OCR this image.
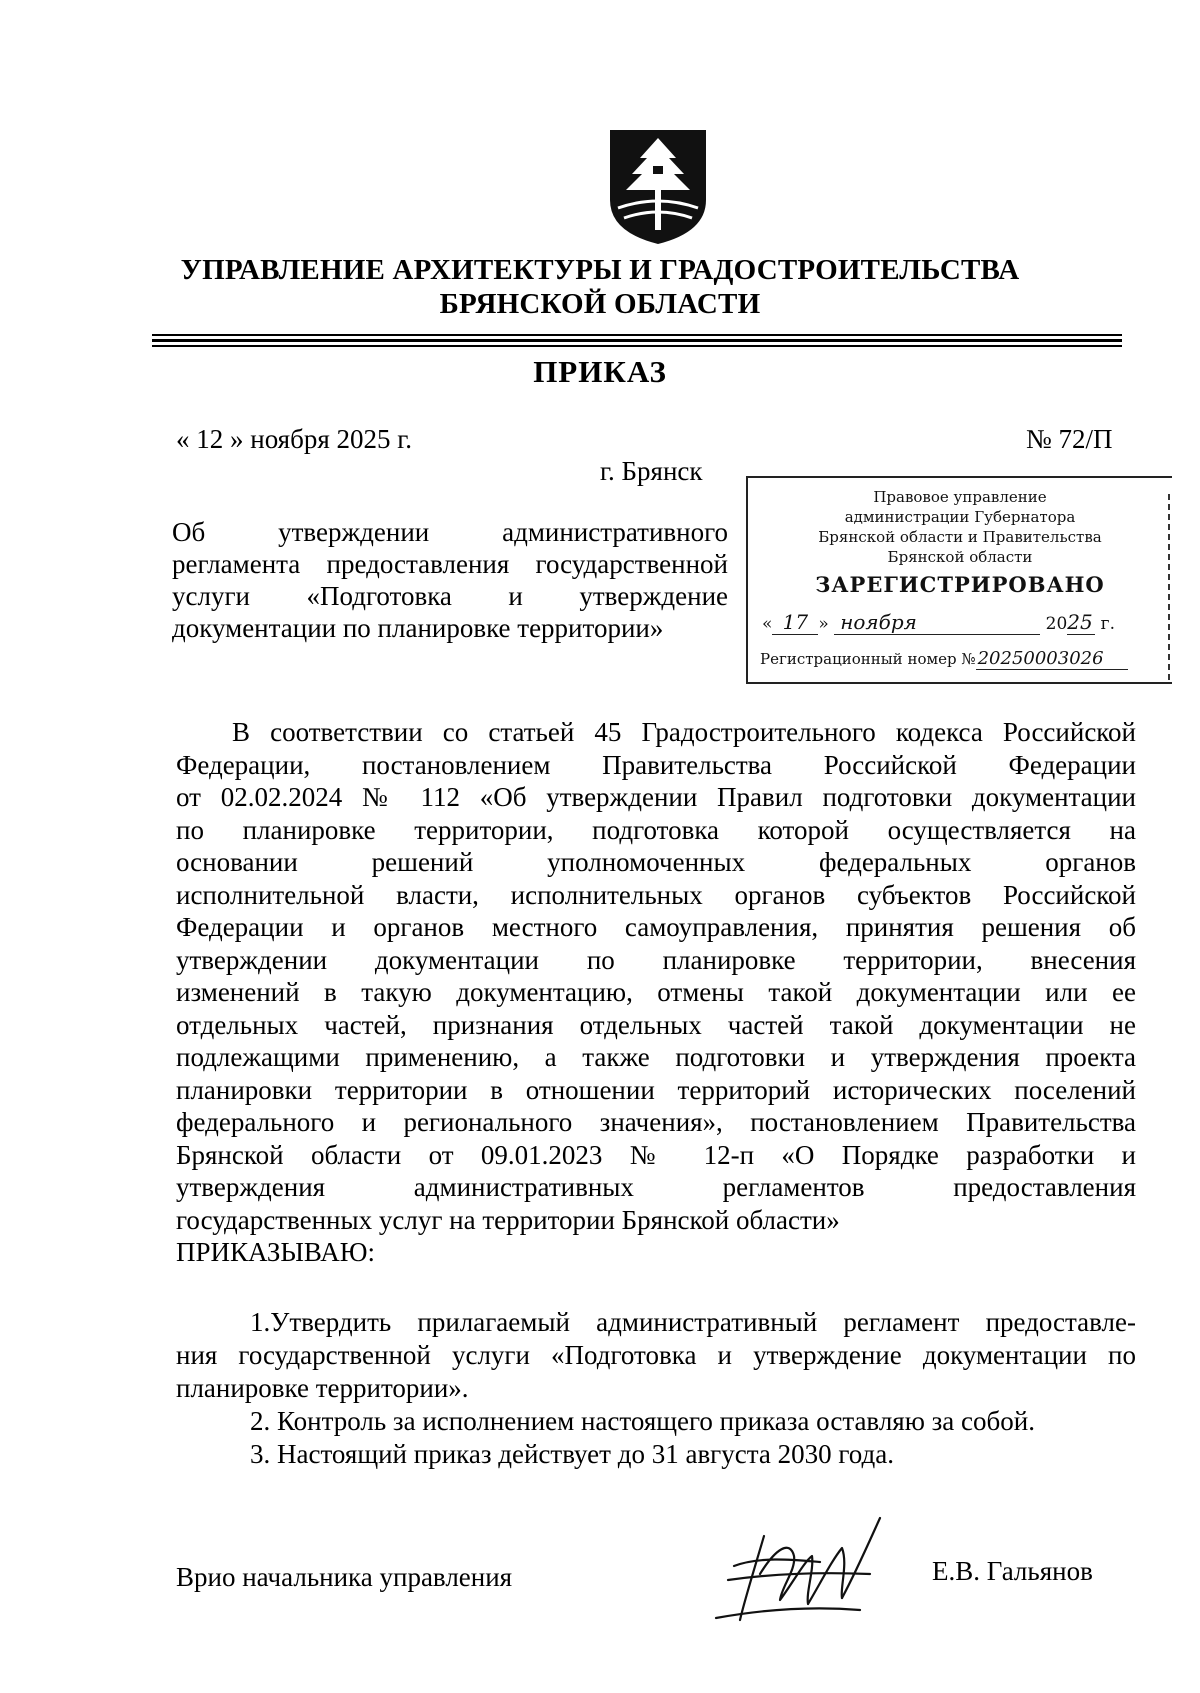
УПРАВЛЕНИЕ АРХИТЕКТУРЫ И ГРАДОСТРОИТЕЛЬСТВА
БРЯНСКОЙ ОБЛАСТИ
ПРИКАЗ
« 12 » ноября 2025 г.	№ 72/П
г. Брянск
Об утверждении административного
регламента предоставления государственной
услуги «Подготовка и утверждение
документации по планировке территории»
Правовое управление
администрации Губернатора
Брянской области и Правительства
Брянской области
ЗАРЕГИСТРИРОВАНО
« 17 » ноября	2025 г.
Регистрационный номер № 20250003026
В соответствии со статьей 45 Градостроительного кодекса Российской
Федерации, постановлением Правительства Российской Федерации
от 02.02.2024 № 112 «Об утверждении Правил подготовки документации
по планировке территории, подготовка которой осуществляется на
основании решений уполномоченных федеральных органов
исполнительной власти, исполнительных органов субъектов Российской
Федерации и органов местного самоуправления, принятия решения об
утверждении документации по планировке территории, внесения
изменений в такую документацию, отмены такой документации или ее
отдельных частей, признания отдельных частей такой документации не
подлежащими применению, а также подготовки и утверждения проекта
планировки территории в отношении территорий исторических поселений
федерального и регионального значения», постановлением Правительства
Брянской области от 09.01.2023 № 12-п «О Порядке разработки и
утверждения административных регламентов предоставления
государственных услуг на территории Брянской области»
ПРИКАЗЫВАЮ:
1.Утвердить прилагаемый административный регламент предоставле-
ния государственной услуги «Подготовка и утверждение документации по
планировке территории».
2. Контроль за исполнением настоящего приказа оставляю за собой.
3. Настоящий приказ действует до 31 августа 2030 года.
Врио начальника управления	Е.В. Гальянов
